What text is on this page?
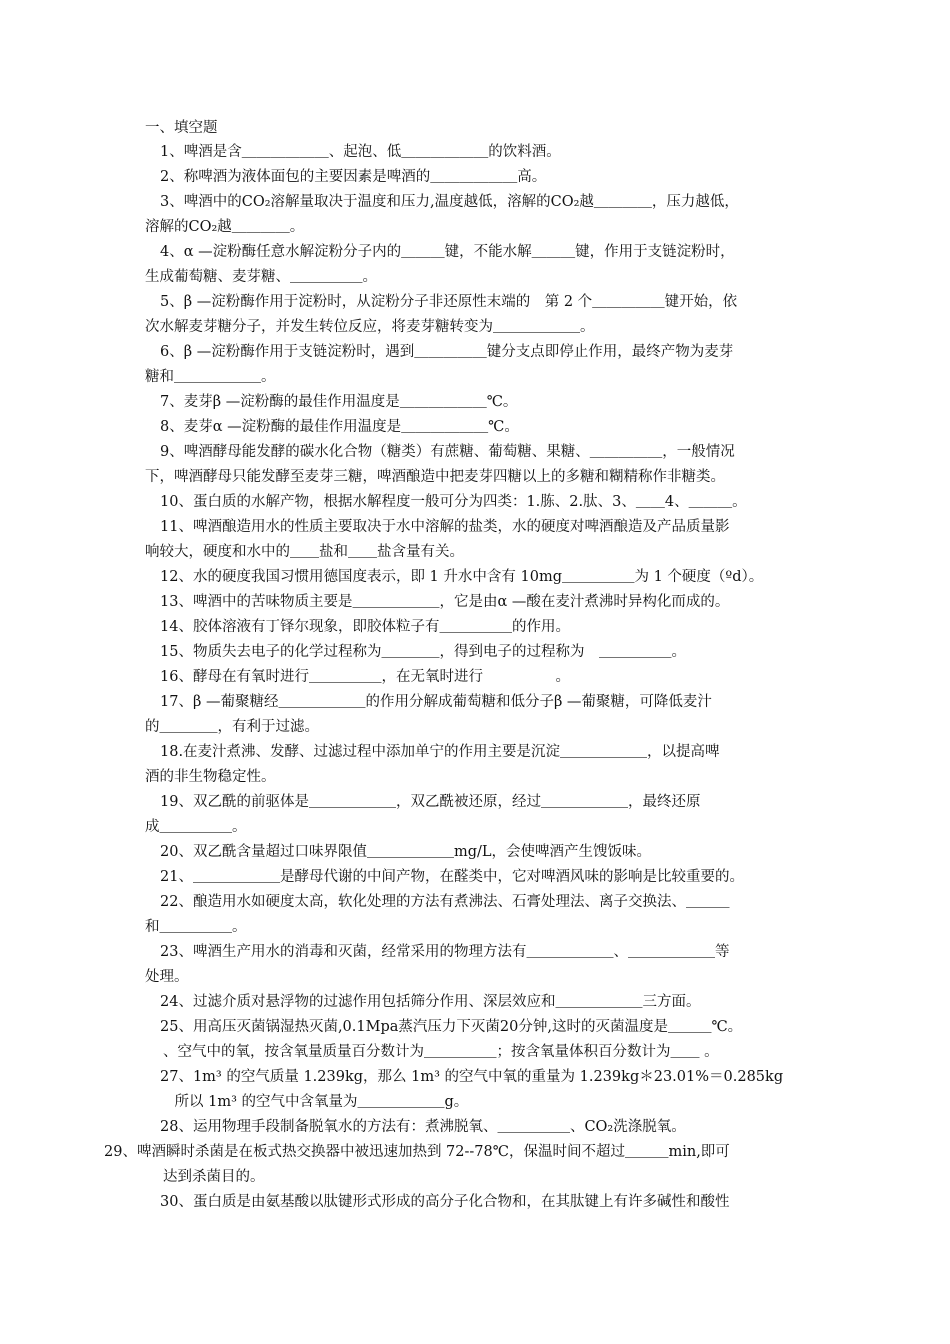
一、填空题
1、啤酒是含＿＿＿＿＿＿、起泡、低＿＿＿＿＿＿的饮料酒。
2、称啤酒为液体面包的主要因素是啤酒的＿＿＿＿＿＿高。
3、啤酒中的CO₂溶解量取决于温度和压力,温度越低，溶解的CO₂越＿＿＿＿，压力越低，
溶解的CO₂越＿＿＿＿。
4、α —淀粉酶任意水解淀粉分子内的＿＿＿键，不能水解＿＿＿键，作用于支链淀粉时，
生成葡萄糖、麦芽糖、＿＿＿＿＿。
5、β —淀粉酶作用于淀粉时，从淀粉分子非还原性末端的　第 2 个＿＿＿＿＿键开始，依
次水解麦芽糖分子，并发生转位反应，将麦芽糖转变为＿＿＿＿＿＿。
6、β —淀粉酶作用于支链淀粉时，遇到＿＿＿＿＿键分支点即停止作用，最终产物为麦芽
糖和＿＿＿＿＿＿。
7、麦芽β —淀粉酶的最佳作用温度是＿＿＿＿＿＿℃。
8、麦芽α —淀粉酶的最佳作用温度是＿＿＿＿＿＿℃。
9、啤酒酵母能发酵的碳水化合物（糖类）有蔗糖、葡萄糖、果糖、＿＿＿＿＿，一般情况
下，啤酒酵母只能发酵至麦芽三糖，啤酒酿造中把麦芽四糖以上的多糖和糊精称作非糖类。
10、蛋白质的水解产物，根据水解程度一般可分为四类：1.胨、2.肽、3、＿＿4、＿＿＿。
11、啤酒酿造用水的性质主要取决于水中溶解的盐类，水的硬度对啤酒酿造及产品质量影
响较大，硬度和水中的＿＿盐和＿＿盐含量有关。
12、水的硬度我国习惯用德国度表示，即 1 升水中含有 10mg＿＿＿＿＿为 1 个硬度（ºd）。
13、啤酒中的苦味物质主要是＿＿＿＿＿＿，它是由α —酸在麦汁煮沸时异构化而成的。
14、胶体溶液有丁铎尔现象，即胶体粒子有＿＿＿＿＿的作用。
15、物质失去电子的化学过程称为＿＿＿＿，得到电子的过程称为　＿＿＿＿＿。
16、酵母在有氧时进行＿＿＿＿＿，在无氧时进行　　　　　。
17、β —葡聚糖经＿＿＿＿＿＿的作用分解成葡萄糖和低分子β —葡聚糖，可降低麦汁
的＿＿＿＿，有利于过滤。
18.在麦汁煮沸、发酵、过滤过程中添加单宁的作用主要是沉淀＿＿＿＿＿＿，以提高啤
酒的非生物稳定性。
19、双乙酰的前驱体是＿＿＿＿＿＿，双乙酰被还原，经过＿＿＿＿＿＿，最终还原
成＿＿＿＿＿。
20、双乙酰含量超过口味界限值＿＿＿＿＿＿mg/L，会使啤酒产生馊饭味。
21、＿＿＿＿＿＿是酵母代谢的中间产物，在醛类中，它对啤酒风味的影响是比较重要的。
22、酿造用水如硬度太高，软化处理的方法有煮沸法、石膏处理法、离子交换法、＿＿＿
和＿＿＿＿＿。
23、啤酒生产用水的消毒和灭菌，经常采用的物理方法有＿＿＿＿＿＿、＿＿＿＿＿＿等
处理。
24、过滤介质对悬浮物的过滤作用包括筛分作用、深层效应和＿＿＿＿＿＿三方面。
25、用高压灭菌锅湿热灭菌,0.1Mpa蒸汽压力下灭菌20分钟,这时的灭菌温度是＿＿＿℃。
、空气中的氧，按含氧量质量百分数计为＿＿＿＿＿；按含氧量体积百分数计为＿＿ 。
27、1m³ 的空气质量 1.239kg，那么 1m³ 的空气中氧的重量为 1.239kg＊23.01%＝0.285kg
　所以 1m³ 的空气中含氧量为＿＿＿＿＿＿g。
28、运用物理手段制备脱氧水的方法有：煮沸脱氧、＿＿＿＿＿、CO₂洗涤脱氧。
29、啤酒瞬时杀菌是在板式热交换器中被迅速加热到 72--78℃，保温时间不超过＿＿＿min,即可
达到杀菌目的。
30、蛋白质是由氨基酸以肽键形式形成的高分子化合物和，在其肽键上有许多碱性和酸性
